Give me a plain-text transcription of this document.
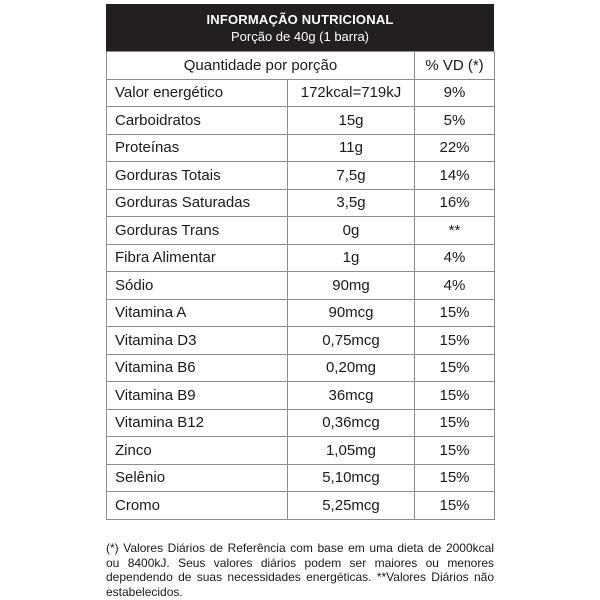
INFORMAÇÃO NUTRICIONAL
Porção de 40g (1 barra)
Quantidade por porção		% VD (*)
Valor energético	172kcal=719kJ	9%
Carboidratos	15g	5%
Proteínas	11g	22%
Gorduras Totais	7,5g	14%
Gorduras Saturadas	3,5g	16%
Gorduras Trans	0g	**
Fibra Alimentar	1g	4%
Sódio	90mg	4%
Vitamina A	90mcg	15%
Vitamina D3	0,75mcg	15%
Vitamina B6	0,20mg	15%
Vitamina B9	36mcg	15%
Vitamina B12	0,36mcg	15%
Zinco	1,05mg	15%
Selênio	5,10mcg	15%
Cromo	5,25mcg	15%
(*) Valores Diários de Referência com base em uma dieta de 2000kcal ou 8400kJ. Seus valores diários podem ser maiores ou menores dependendo de suas necessidades energéticas. **Valores Diários não estabelecidos.
